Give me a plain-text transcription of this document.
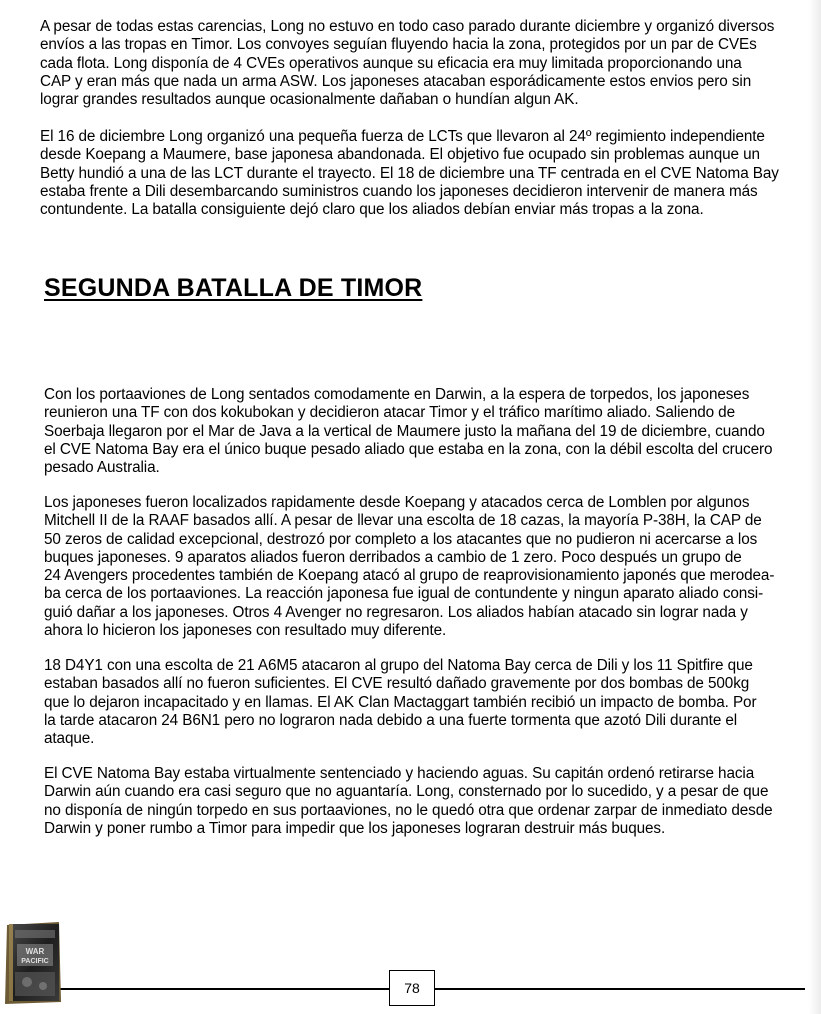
A pesar de todas estas carencias, Long no estuvo en todo caso parado durante diciembre y organizó diversos
envíos a las tropas en Timor. Los convoyes seguían fluyendo hacia la zona, protegidos por un par de CVEs
cada flota. Long disponía de 4 CVEs operativos aunque su eficacia era muy limitada proporcionando una
CAP y eran más que nada un arma ASW. Los japoneses atacaban esporádicamente estos envios pero sin
lograr grandes resultados aunque ocasionalmente dañaban o hundían algun AK.

El 16 de diciembre Long organizó una pequeña fuerza de LCTs que llevaron al 24º regimiento independiente
desde Koepang a Maumere, base japonesa abandonada. El objetivo fue ocupado sin problemas aunque un
Betty hundió a una de las LCT durante el trayecto. El 18 de diciembre una TF centrada en el CVE Natoma Bay
estaba frente a Dili desembarcando suministros cuando los japoneses decidieron intervenir de manera más
contundente. La batalla consiguiente dejó claro que los aliados debían enviar más tropas a la zona.

SEGUNDA BATALLA DE TIMOR

Con los portaaviones de Long sentados comodamente en Darwin, a la espera de torpedos, los japoneses
reunieron una TF con dos kokubokan y decidieron atacar Timor y el tráfico marítimo aliado. Saliendo de
Soerbaja llegaron por el Mar de Java a la vertical de Maumere justo la mañana del 19 de diciembre, cuando
el CVE Natoma Bay era el único buque pesado aliado que estaba en la zona, con la débil escolta del crucero
pesado Australia.

Los japoneses fueron localizados rapidamente desde Koepang y atacados cerca de Lomblen por algunos
Mitchell II de la RAAF basados allí. A pesar de llevar una escolta de 18 cazas, la mayoría P-38H, la CAP de
50 zeros de calidad excepcional, destrozó por completo a los atacantes que no pudieron ni acercarse a los
buques japoneses. 9 aparatos aliados fueron derribados a cambio de 1 zero. Poco después un grupo de
24 Avengers procedentes también de Koepang atacó al grupo de reaprovisionamiento japonés que merodea-
ba cerca de los portaaviones. La reacción japonesa fue igual de contundente y ningun aparato aliado consi-
guió dañar a los japoneses. Otros 4 Avenger no regresaron. Los aliados habían atacado sin lograr nada y
ahora lo hicieron los japoneses con resultado muy diferente.

18 D4Y1 con una escolta de 21 A6M5 atacaron al grupo del Natoma Bay cerca de Dili y los 11 Spitfire que
estaban basados allí no fueron suficientes. El CVE resultó dañado gravemente por dos bombas de 500kg
que lo dejaron incapacitado y en llamas. El AK Clan Mactaggart también recibió un impacto de bomba. Por
la tarde atacaron 24 B6N1 pero no lograron nada debido a una fuerte tormenta que azotó Dili durante el
ataque.

El CVE Natoma Bay estaba virtualmente sentenciado y haciendo aguas. Su capitán ordenó retirarse hacia
Darwin aún cuando era casi seguro que no aguantaría. Long, consternado por lo sucedido, y a pesar de que
no disponía de ningún torpedo en sus portaaviones, no le quedó otra que ordenar zarpar de inmediato desde
Darwin y poner rumbo a Timor para impedir que los japoneses lograran destruir más buques.

78
WAR
PACIFIC
